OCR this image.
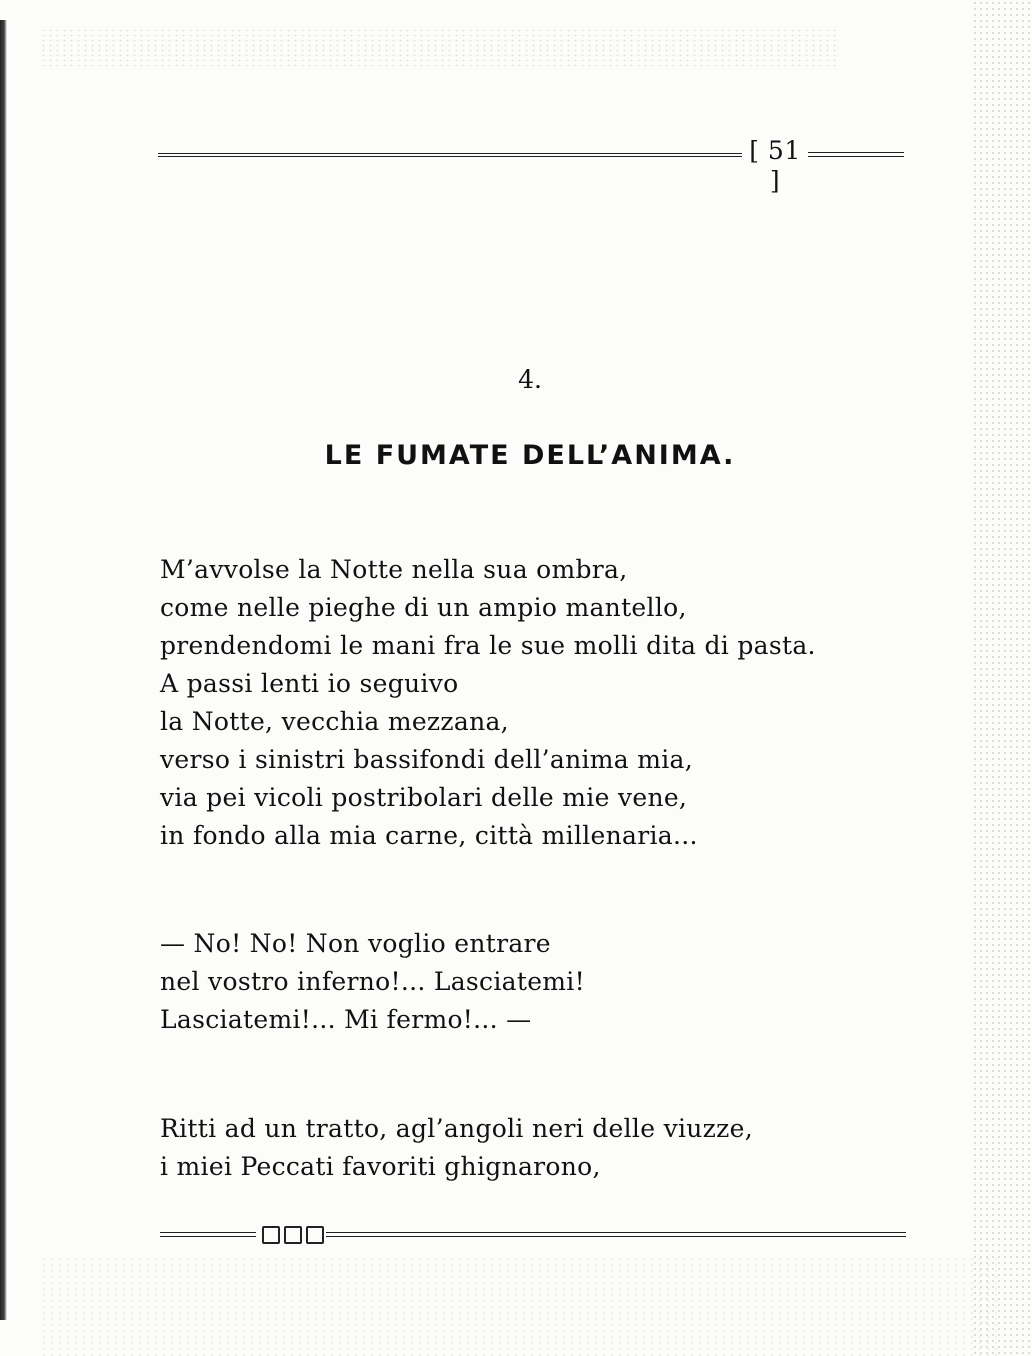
[ 51 ]
4.
LE FUMATE DELL’ANIMA.
M’avvolse la Notte nella sua ombra,
come nelle pieghe di un ampio mantello,
prendendomi le mani fra le sue molli dita di pasta.
A passi lenti io seguivo
la Notte, vecchia mezzana,
verso i sinistri bassifondi dell’anima mia,
via pei vicoli postribolari delle mie vene,
in fondo alla mia carne, città millenaria...
— No! No! Non voglio entrare
nel vostro inferno!... Lasciatemi!
Lasciatemi!... Mi fermo!... —
Ritti ad un tratto, agl’angoli neri delle viuzze,
i miei Peccati favoriti ghignarono,
